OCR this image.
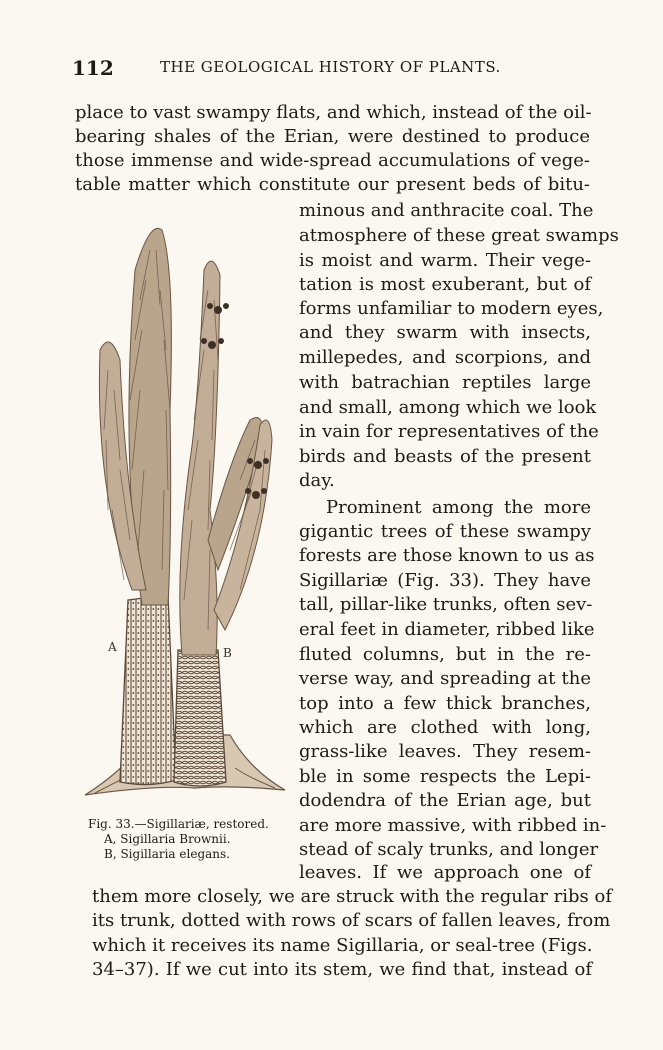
112	THE GEOLOGICAL HISTORY OF PLANTS.
place to vast swampy flats, and which, instead of the oil-
bearing shales of the Erian, were destined to produce
those immense and wide-spread accumulations of vege-
table matter which constitute our present beds of bitu-
minous and anthracite coal. The
atmosphere of these great swamps
is moist and warm. Their vege-
tation is most exuberant, but of
forms unfamiliar to modern eyes,
and they swarm with insects,
millepedes, and scorpions, and
with batrachian reptiles large
and small, among which we look
in vain for representatives of the
birds and beasts of the present
day.
Prominent among the more
gigantic trees of these swampy
forests are those known to us as
Sigillariæ (Fig. 33). They have
tall, pillar-like trunks, often sev-
eral feet in diameter, ribbed like
fluted columns, but in the re-
verse way, and spreading at the
top into a few thick branches,
which are clothed with long,
grass-like leaves. They resem-
ble in some respects the Lepi-
dodendra of the Erian age, but
are more massive, with ribbed in-
stead of scaly trunks, and longer
leaves. If we approach one of
them more closely, we are struck with the regular ribs of
its trunk, dotted with rows of scars of fallen leaves, from
which it receives its name Sigillaria, or seal-tree (Figs.
34–37). If we cut into its stem, we find that, instead of
A	B
Fig. 33.—Sigillariæ, restored.
A, Sigillaria Brownii.
B, Sigillaria elegans.
